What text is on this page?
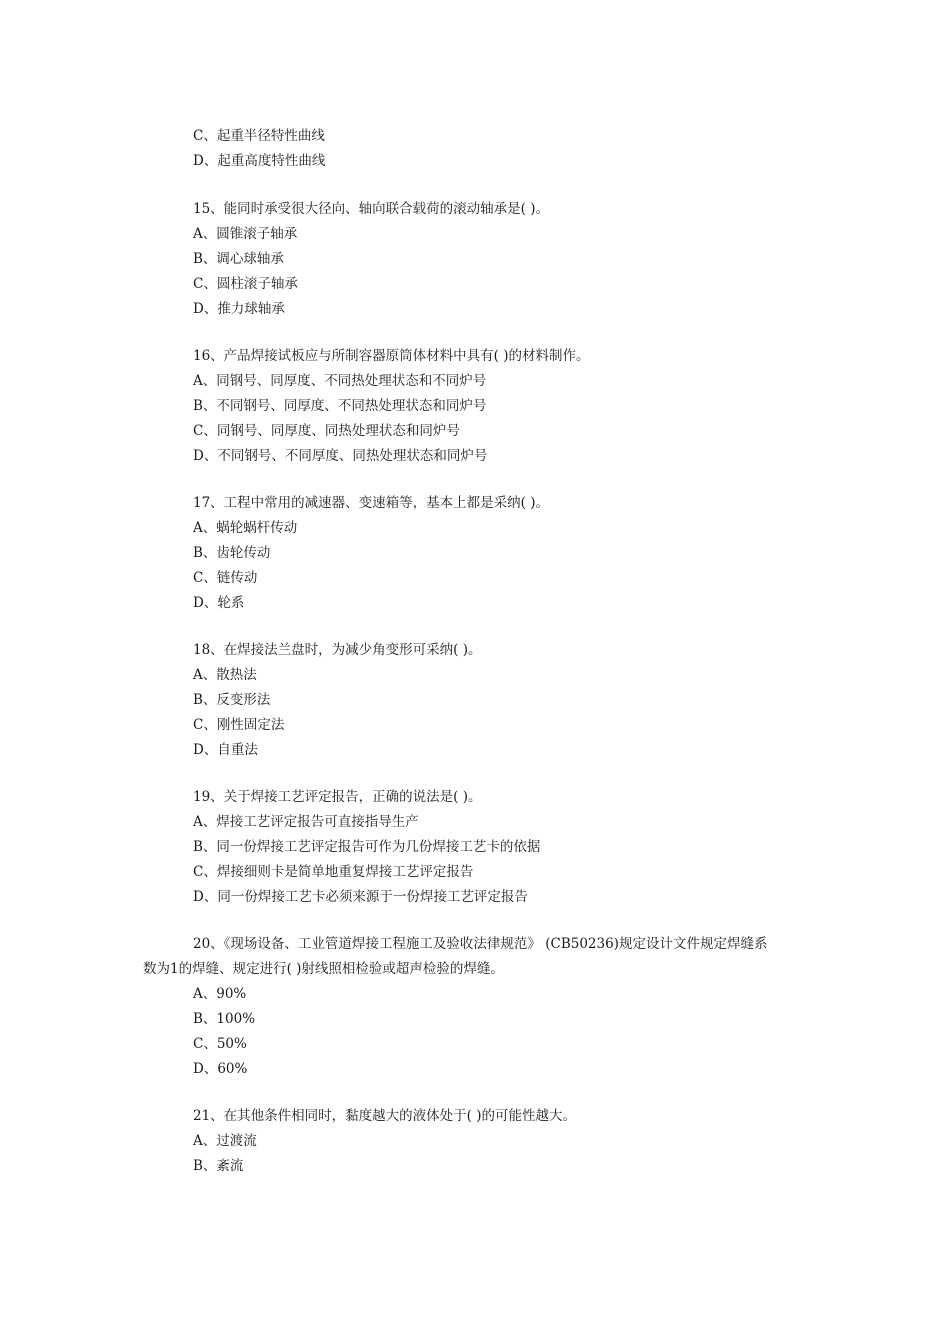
C、起重半径特性曲线
D、起重高度特性曲线
15、能同时承受很大径向、轴向联合载荷的滚动轴承是( )。
A、圆锥滚子轴承
B、调心球轴承
C、圆柱滚子轴承
D、推力球轴承
16、产品焊接试板应与所制容器原筒体材料中具有( )的材料制作。
A、同钢号、同厚度、不同热处理状态和不同炉号
B、不同钢号、同厚度、不同热处理状态和同炉号
C、同钢号、同厚度、同热处理状态和同炉号
D、不同钢号、不同厚度、同热处理状态和同炉号
17、工程中常用的减速器、变速箱等，基本上都是采纳( )。
A、蜗轮蜗杆传动
B、齿轮传动
C、链传动
D、轮系
18、在焊接法兰盘时，为减少角变形可采纳( )。
A、散热法
B、反变形法
C、刚性固定法
D、自重法
19、关于焊接工艺评定报告，正确的说法是( )。
A、焊接工艺评定报告可直接指导生产
B、同一份焊接工艺评定报告可作为几份焊接工艺卡的依据
C、焊接细则卡是简单地重复焊接工艺评定报告
D、同一份焊接工艺卡必须来源于一份焊接工艺评定报告
20、《现场设备、工业管道焊接工程施工及验收法律规范》 (CB50236)规定设计文件规定焊缝系
数为1的焊缝、规定进行( )射线照相检验或超声检验的焊缝。
A、90%
B、100%
C、50%
D、60%
21、在其他条件相同时，黏度越大的液体处于( )的可能性越大。
A、过渡流
B、紊流
